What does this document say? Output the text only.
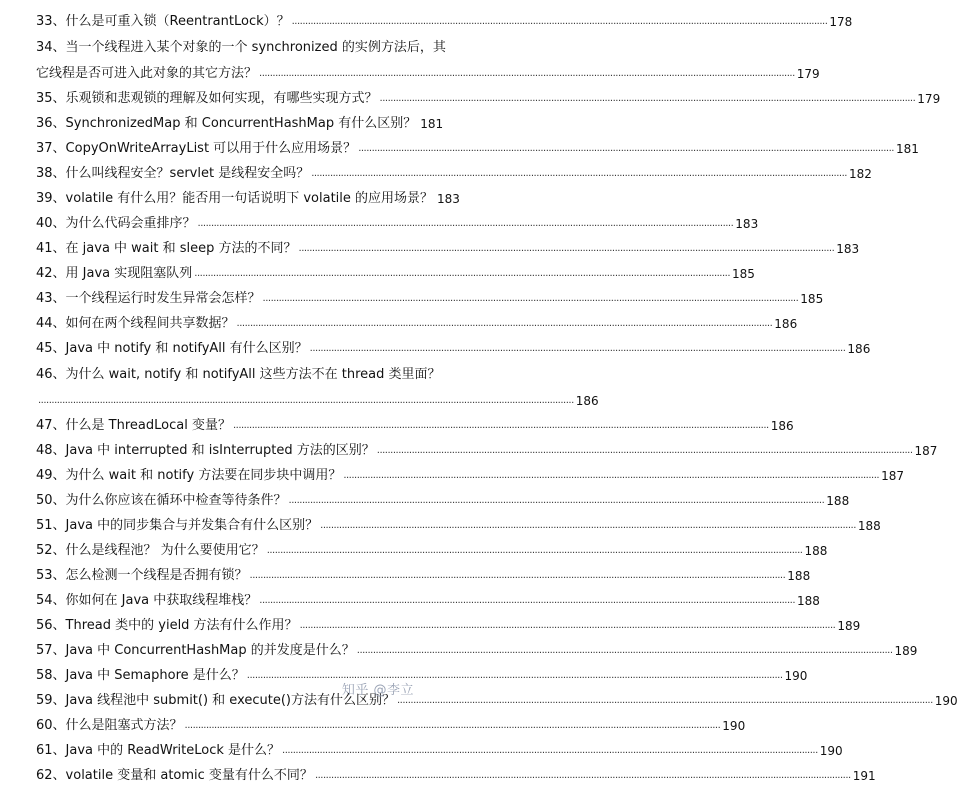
33、什么是可重入锁（ReentrantLock）？ ........................................................................................................................................................................................................ 178
34、当一个线程进入某个对象的一个 synchronized 的实例方法后，其
它线程是否可进入此对象的其它方法？ ........................................................................................................................................................................................................ 179
35、乐观锁和悲观锁的理解及如何实现，有哪些实现方式？ ........................................................................................................................................................................................................ 179
36、SynchronizedMap 和 ConcurrentHashMap 有什么区别？ 181
37、CopyOnWriteArrayList 可以用于什么应用场景？ ........................................................................................................................................................................................................ 181
38、什么叫线程安全？servlet 是线程安全吗？ ........................................................................................................................................................................................................ 182
39、volatile 有什么用？能否用一句话说明下 volatile 的应用场景？ 183
40、为什么代码会重排序？ ........................................................................................................................................................................................................ 183
41、在 java 中 wait 和 sleep 方法的不同？ ........................................................................................................................................................................................................ 183
42、用 Java 实现阻塞队列 ........................................................................................................................................................................................................ 185
43、一个线程运行时发生异常会怎样？ ........................................................................................................................................................................................................ 185
44、如何在两个线程间共享数据？ ........................................................................................................................................................................................................ 186
45、Java 中 notify 和 notifyAll 有什么区别？ ........................................................................................................................................................................................................ 186
46、为什么 wait, notify 和 notifyAll 这些方法不在 thread 类里面？
........................................................................................................................................................................................................ 186
47、什么是 ThreadLocal 变量？ ........................................................................................................................................................................................................ 186
48、Java 中 interrupted 和 isInterrupted 方法的区别？ ........................................................................................................................................................................................................ 187
49、为什么 wait 和 notify 方法要在同步块中调用？ ........................................................................................................................................................................................................ 187
50、为什么你应该在循环中检查等待条件？ ........................................................................................................................................................................................................ 188
51、Java 中的同步集合与并发集合有什么区别？ ........................................................................................................................................................................................................ 188
52、什么是线程池？ 为什么要使用它？ ........................................................................................................................................................................................................ 188
53、怎么检测一个线程是否拥有锁？ ........................................................................................................................................................................................................ 188
54、你如何在 Java 中获取线程堆栈？ ........................................................................................................................................................................................................ 188
56、Thread 类中的 yield 方法有什么作用？ ........................................................................................................................................................................................................ 189
57、Java 中 ConcurrentHashMap 的并发度是什么？ ........................................................................................................................................................................................................ 189
58、Java 中 Semaphore 是什么？ ........................................................................................................................................................................................................ 190
59、Java 线程池中 submit() 和 execute()方法有什么区别？ ........................................................................................................................................................................................................ 190
60、什么是阻塞式方法？ ........................................................................................................................................................................................................ 190
61、Java 中的 ReadWriteLock 是什么？ ........................................................................................................................................................................................................ 190
62、volatile 变量和 atomic 变量有什么不同？ ........................................................................................................................................................................................................ 191
知乎 @李立
